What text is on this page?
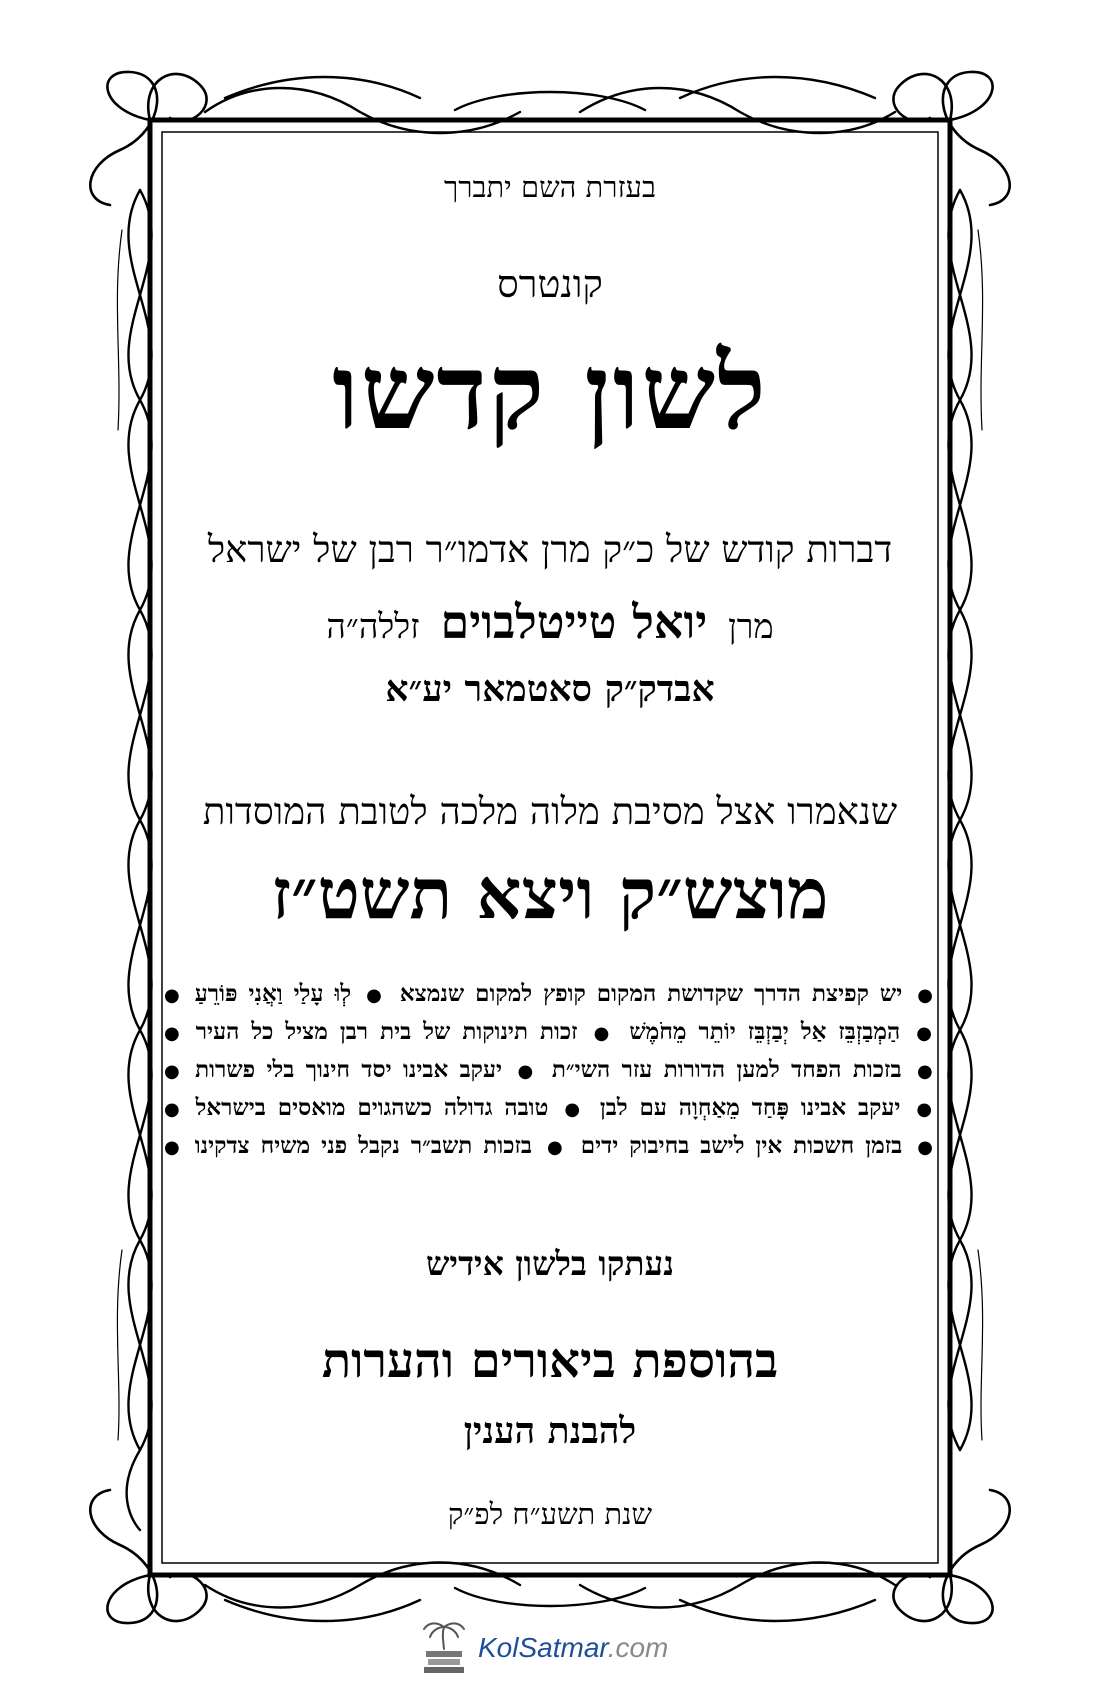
בעזרת השם יתברך
קונטרס
לשון קדשו
דברות קודש של כ״ק מרן אדמו״ר רבן של ישראל
מרן יואל טייטלבוים זללה״ה
אבדק״ק סאטמאר יע״א
שנאמרו אצל מסיבת מלוה מלכה לטובת המוסדות
מוצש״ק ויצא תשט״ז
● יש קפיצת הדרך שקדושת המקום קופץ למקום שנמצא ● לְוּ עָלַי וַאֲנִי פּוֹרֵעַ ●
● הַמְבַזְבֵּז אַל יְבַזְבֵּז יוֹתֵר מֵחֹמֶשׁ ● זכות תינוקות של בית רבן מציל כל העיר ●
● בזכות הפחד למען הדורות עזר השי״ת ● יעקב אבינו יסד חינוך בלי פשרות ●
● יעקב אבינו פָּחַד מֵאַחְוָה עם לבן ● טובה גדולה כשהגוים מואסים בישראל ●
● בזמן חשכות אין לישב בחיבוק ידים ● בזכות תשב״ר נקבל פני משיח צדקינו ●
נעתקו בלשון אידיש
בהוספת ביאורים והערות
להבנת הענין
שנת תשע״ח לפ״ק
KolSatmar.com
